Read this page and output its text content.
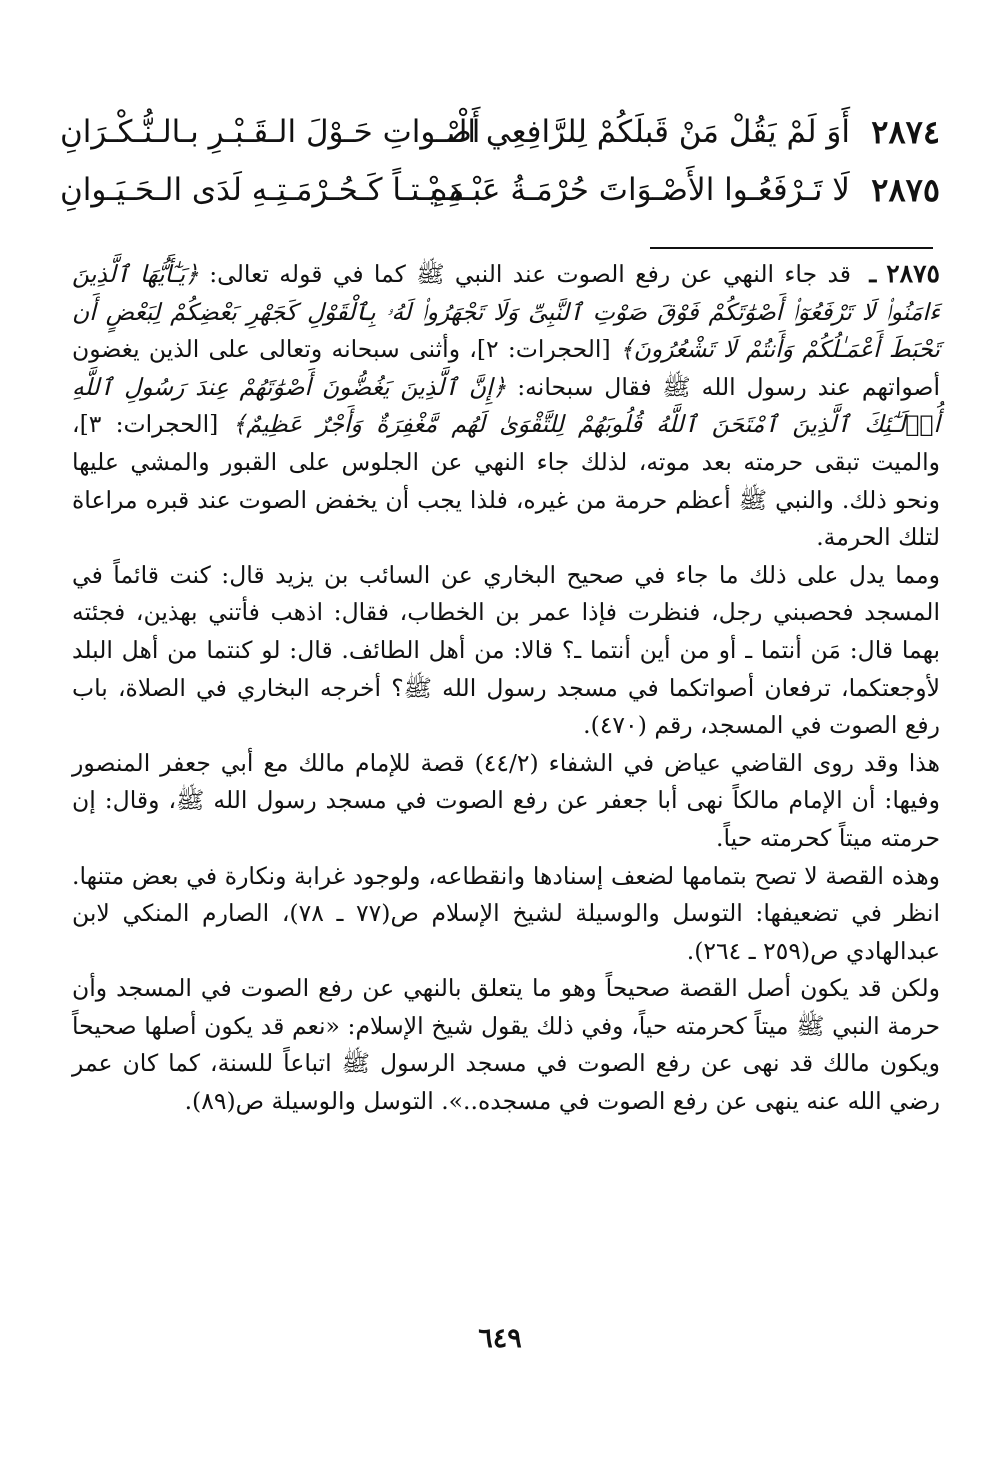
٢٨٧٤
أَوَ لَمْ يَقُلْ مَنْ قَبلَكُمْ لِلرَّافِعِي الْـ
أَصْـواتِ حَـوْلَ الـقَـبْـرِ بـالـنُّـكْـرَانِ
٢٨٧٥
لَا تَـرْفَعُـوا الأَصْـوَاتَ حُرْمَـةُ عَبْـدِهِ
مَـيْـتـاً كَـحُـرْمَـتِـهِ لَدَى الـحَـيَـوانِ

٢٨٧٥ـ قد جاء النهي عن رفع الصوت عند النبي ﷺ كما في قوله تعالى: ﴿يَـٰٓأَيُّهَا ٱلَّذِينَ ءَامَنُوا۟ لَا تَرْفَعُوٓا۟ أَصْوَٰتَكُمْ فَوْقَ صَوْتِ ٱلنَّبِىِّ وَلَا تَجْهَرُوا۟ لَهُۥ بِٱلْقَوْلِ كَجَهْرِ بَعْضِكُمْ لِبَعْضٍ أَن تَحْبَطَ أَعْمَـٰلُكُمْ وَأَنتُمْ لَا تَشْعُرُونَ﴾ [الحجرات: ٢]، وأثنى سبحانه وتعالى على الذين يغضون أصواتهم عند رسول الله ﷺ فقال سبحانه: ﴿إِنَّ ٱلَّذِينَ يَغُضُّونَ أَصْوَٰتَهُمْ عِندَ رَسُولِ ٱللَّهِ أُو۟لَـٰٓئِكَ ٱلَّذِينَ ٱمْتَحَنَ ٱللَّهُ قُلُوبَهُمْ لِلتَّقْوَىٰ لَهُم مَّغْفِرَةٌ وَأَجْرٌ عَظِيمٌ﴾ [الحجرات: ٣]، والميت تبقى حرمته بعد موته، لذلك جاء النهي عن الجلوس على القبور والمشي عليها ونحو ذلك. والنبي ﷺ أعظم حرمة من غيره، فلذا يجب أن يخفض الصوت عند قبره مراعاة لتلك الحرمة.

ومما يدل على ذلك ما جاء في صحيح البخاري عن السائب بن يزيد قال: كنت قائماً في المسجد فحصبني رجل، فنظرت فإذا عمر بن الخطاب، فقال: اذهب فأتني بهذين، فجئته بهما قال: مَن أنتما ـ أو من أين أنتما ـ؟ قالا: من أهل الطائف. قال: لو كنتما من أهل البلد لأوجعتكما، ترفعان أصواتكما في مسجد رسول الله ﷺ؟ أخرجه البخاري في الصلاة، باب رفع الصوت في المسجد، رقم (٤٧٠).

هذا وقد روى القاضي عياض في الشفاء (٤٤/٢) قصة للإمام مالك مع أبي جعفر المنصور وفيها: أن الإمام مالكاً نهى أبا جعفر عن رفع الصوت في مسجد رسول الله ﷺ، وقال: إن حرمته ميتاً كحرمته حياً.

وهذه القصة لا تصح بتمامها لضعف إسنادها وانقطاعه، ولوجود غرابة ونكارة في بعض متنها. انظر في تضعيفها: التوسل والوسيلة لشيخ الإسلام ص(٧٧ ـ ٧٨)، الصارم المنكي لابن عبدالهادي ص(٢٥٩ ـ ٢٦٤).

ولكن قد يكون أصل القصة صحيحاً وهو ما يتعلق بالنهي عن رفع الصوت في المسجد وأن حرمة النبي ﷺ ميتاً كحرمته حياً، وفي ذلك يقول شيخ الإسلام: «نعم قد يكون أصلها صحيحاً ويكون مالك قد نهى عن رفع الصوت في مسجد الرسول ﷺ اتباعاً للسنة، كما كان عمر رضي الله عنه ينهى عن رفع الصوت في مسجده..». التوسل والوسيلة ص(٨٩).

٦٤٩
